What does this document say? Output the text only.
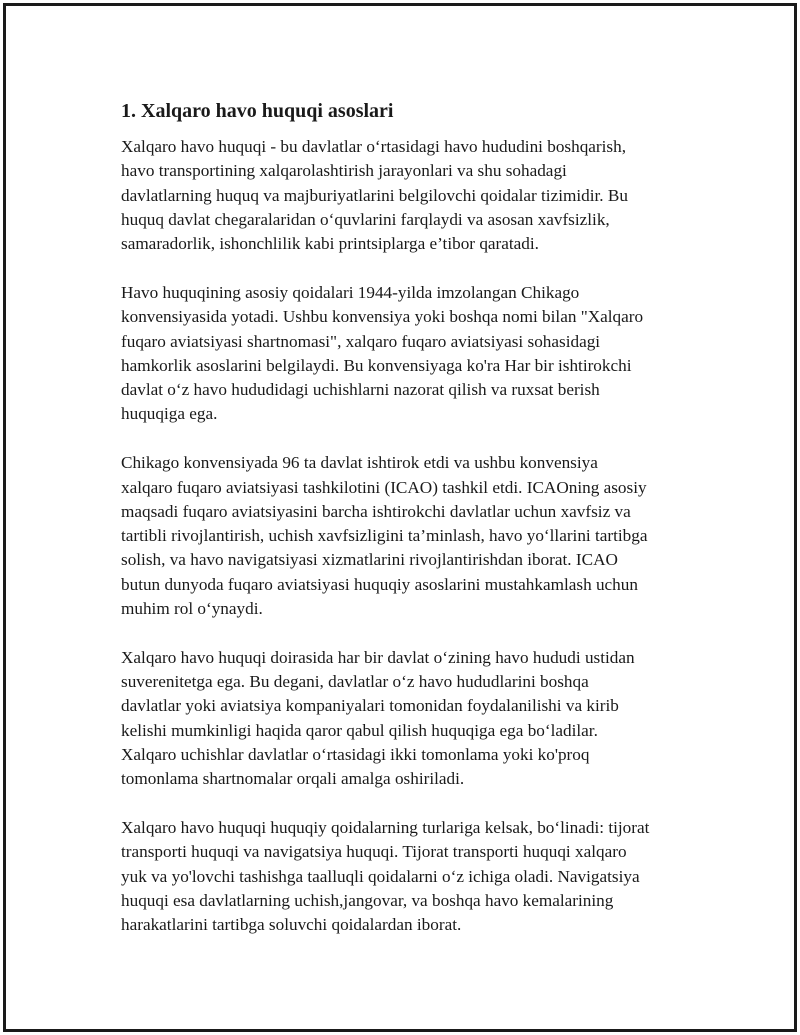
1. Xalqaro havo huquqi asoslari

Xalqaro havo huquqi - bu davlatlar o‘rtasidagi havo hududini boshqarish,
havo transportining xalqarolashtirish jarayonlari va shu sohadagi
davlatlarning huquq va majburiyatlarini belgilovchi qoidalar tizimidir. Bu
huquq davlat chegaralaridan o‘quvlarini farqlaydi va asosan xavfsizlik,
samaradorlik, ishonchlilik kabi printsiplarga e’tibor qaratadi.

Havo huquqining asosiy qoidalari 1944-yilda imzolangan Chikago
konvensiyasida yotadi. Ushbu konvensiya yoki boshqa nomi bilan "Xalqaro
fuqaro aviatsiyasi shartnomasi", xalqaro fuqaro aviatsiyasi sohasidagi
hamkorlik asoslarini belgilaydi. Bu konvensiyaga ko'ra Har bir ishtirokchi
davlat o‘z havo hududidagi uchishlarni nazorat qilish va ruxsat berish
huquqiga ega.

Chikago konvensiyada 96 ta davlat ishtirok etdi va ushbu konvensiya
xalqaro fuqaro aviatsiyasi tashkilotini (ICAO) tashkil etdi. ICAOning asosiy
maqsadi fuqaro aviatsiyasini barcha ishtirokchi davlatlar uchun xavfsiz va
tartibli rivojlantirish, uchish xavfsizligini ta’minlash, havo yo‘llarini tartibga
solish, va havo navigatsiyasi xizmatlarini rivojlantirishdan iborat. ICAO
butun dunyoda fuqaro aviatsiyasi huquqiy asoslarini mustahkamlash uchun
muhim rol o‘ynaydi.

Xalqaro havo huquqi doirasida har bir davlat o‘zining havo hududi ustidan
suverenitetga ega. Bu degani, davlatlar o‘z havo hududlarini boshqa
davlatlar yoki aviatsiya kompaniyalari tomonidan foydalanilishi va kirib
kelishi mumkinligi haqida qaror qabul qilish huquqiga ega bo‘ladilar.
Xalqaro uchishlar davlatlar o‘rtasidagi ikki tomonlama yoki ko'proq
tomonlama shartnomalar orqali amalga oshiriladi.

Xalqaro havo huquqi huquqiy qoidalarning turlariga kelsak, bo‘linadi: tijorat
transporti huquqi va navigatsiya huquqi. Tijorat transporti huquqi xalqaro
yuk va yo'lovchi tashishga taalluqli qoidalarni o‘z ichiga oladi. Navigatsiya
huquqi esa davlatlarning uchish,jangovar, va boshqa havo kemalarining
harakatlarini tartibga soluvchi qoidalardan iborat.
